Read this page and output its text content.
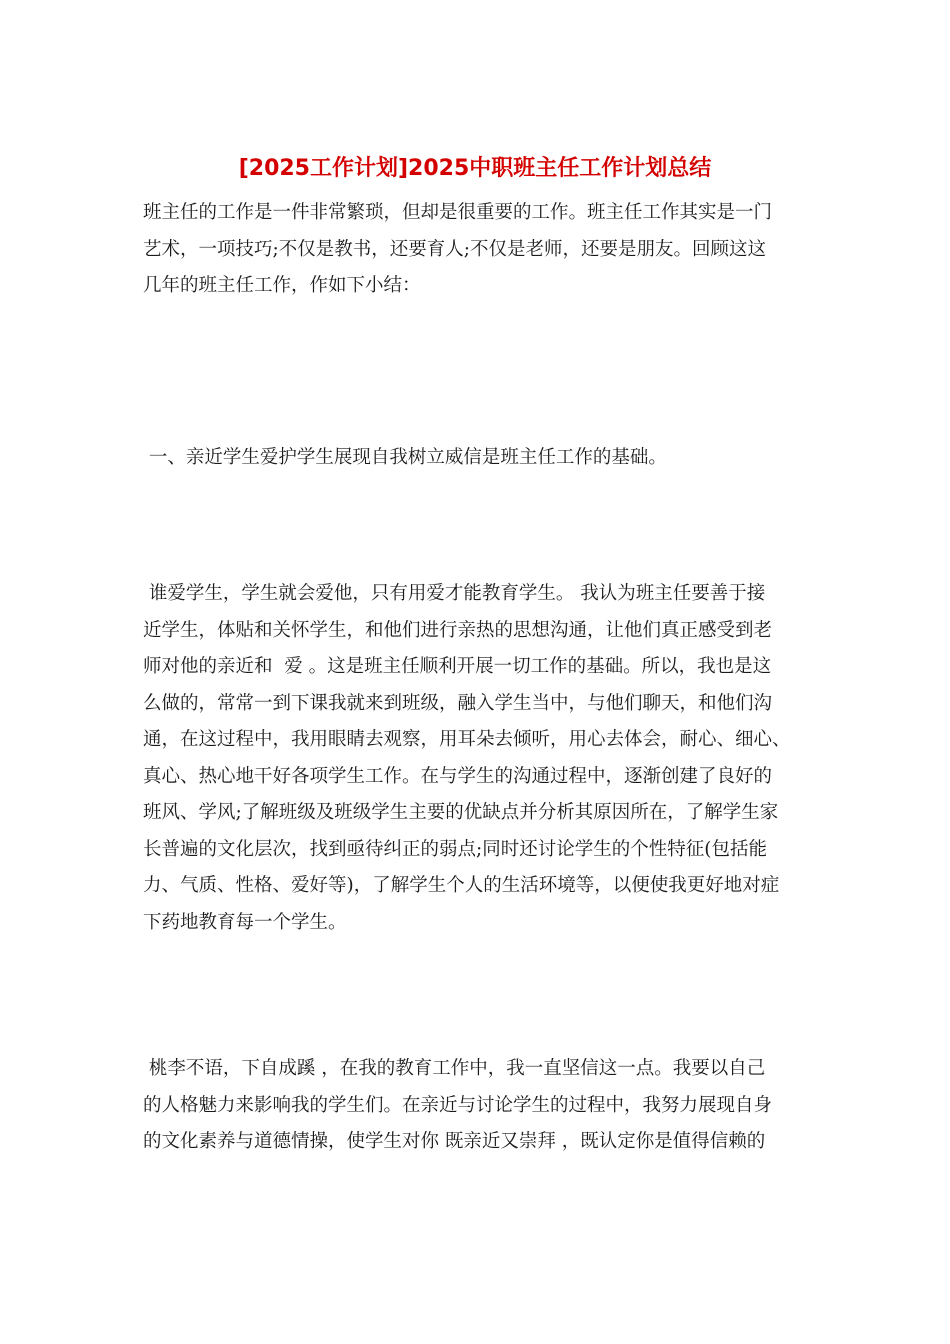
[2025工作计划]2025中职班主任工作计划总结
班主任的工作是一件非常繁琐，但却是很重要的工作。班主任工作其实是一门
艺术，一项技巧;不仅是教书，还要育人;不仅是老师，还要是朋友。回顾这这
几年的班主任工作，作如下小结：
一、亲近学生爱护学生展现自我树立威信是班主任工作的基础。
谁爱学生，学生就会爱他，只有用爱才能教育学生。 我认为班主任要善于接
近学生，体贴和关怀学生，和他们进行亲热的思想沟通，让他们真正感受到老
师对他的亲近和  爱 。这是班主任顺利开展一切工作的基础。所以，我也是这
么做的，常常一到下课我就来到班级，融入学生当中，与他们聊天，和他们沟
通，在这过程中，我用眼睛去观察，用耳朵去倾听，用心去体会，耐心、细心、
真心、热心地干好各项学生工作。在与学生的沟通过程中，逐渐创建了良好的
班风、学风;了解班级及班级学生主要的优缺点并分析其原因所在，了解学生家
长普遍的文化层次，找到亟待纠正的弱点;同时还讨论学生的个性特征(包括能
力、气质、性格、爱好等)，了解学生个人的生活环境等，以便使我更好地对症
下药地教育每一个学生。
桃李不语，下自成蹊 ，在我的教育工作中，我一直坚信这一点。我要以自己
的人格魅力来影响我的学生们。在亲近与讨论学生的过程中，我努力展现自身
的文化素养与道德情操，使学生对你 既亲近又崇拜 ，既认定你是值得信赖的
